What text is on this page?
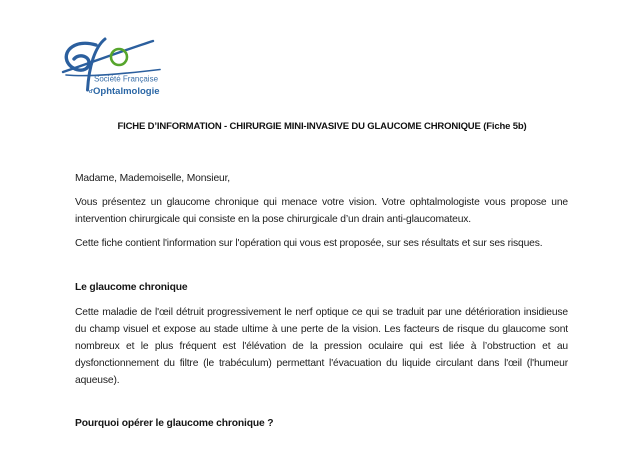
Société Française
d' Ophtalmologie
FICHE D’INFORMATION - CHIRURGIE MINI-INVASIVE DU GLAUCOME CHRONIQUE (Fiche 5b)

Madame, Mademoiselle, Monsieur,

Vous présentez un glaucome chronique qui menace votre vision. Votre ophtalmologiste vous propose une intervention chirurgicale qui consiste en la pose chirurgicale d’un drain anti-glaucomateux.

Cette fiche contient l'information sur l'opération qui vous est proposée, sur ses résultats et sur ses risques.

Le glaucome chronique

Cette maladie de l'œil détruit progressivement le nerf optique ce qui se traduit par une détérioration insidieuse du champ visuel et expose au stade ultime à une perte de la vision. Les facteurs de risque du glaucome sont nombreux et le plus fréquent est l'élévation de la pression oculaire qui est liée à l’obstruction et au dysfonctionnement du filtre (le trabéculum) permettant l'évacuation du liquide circulant dans l'œil (l'humeur aqueuse).

Pourquoi opérer le glaucome chronique ?
